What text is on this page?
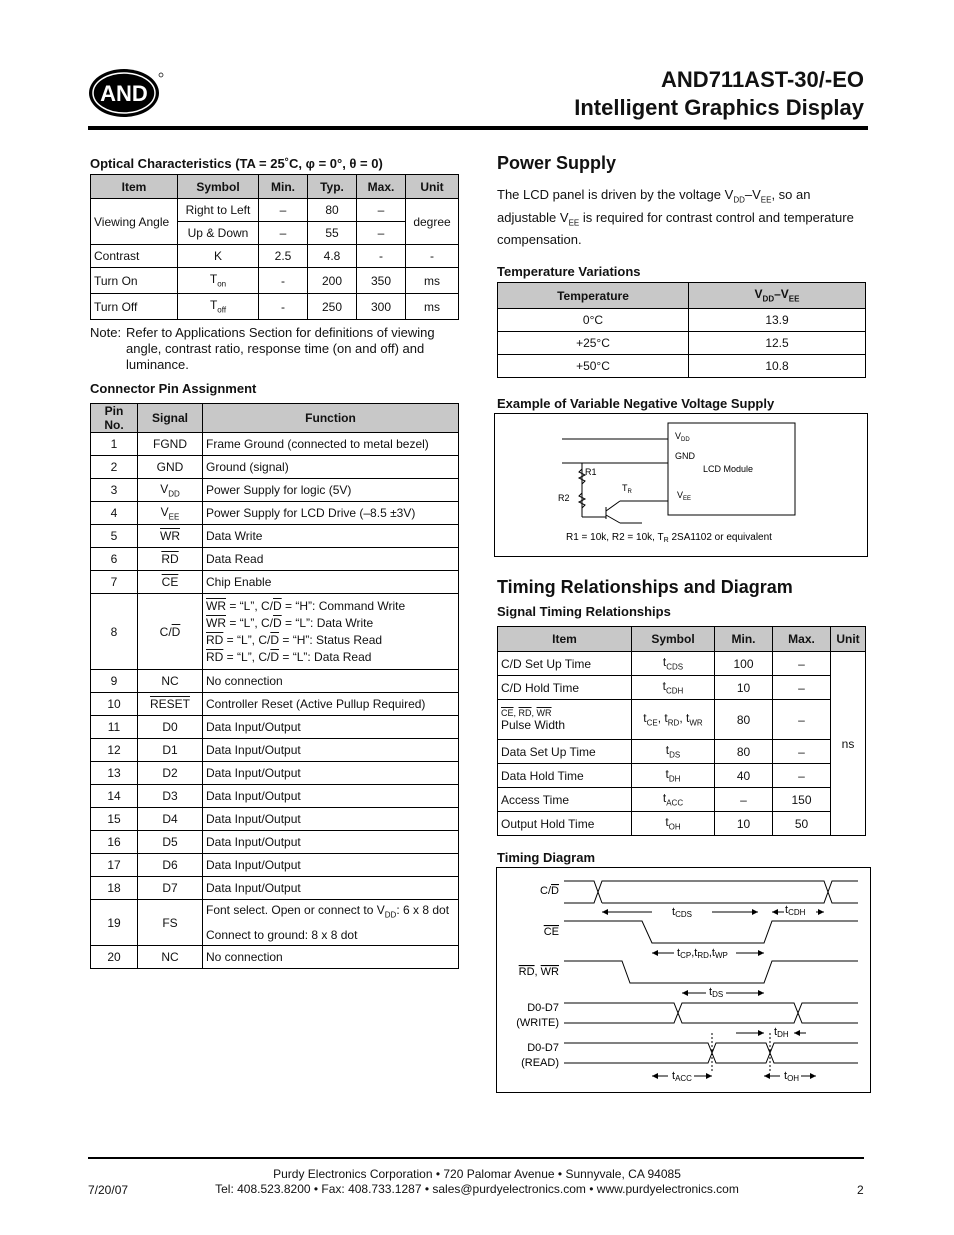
AND
AND711AST-30/-EO
Intelligent Graphics Display
Optical Characteristics (TA = 25˚C, φ = 0°, θ = 0)
Item	Symbol	Min.	Typ.	Max.	Unit
Viewing Angle	Right to Left	–	80	–	degree
	Up & Down	–	55	–	
Contrast	K	2.5	4.8	-	-
Turn On	$T_{on}$	-	200	350	ms
Turn Off	$T_{off}$	-	250	300	ms
Note: Refer to Applications Section for definitions of viewing angle, contrast ratio, response time (on and off) and luminance.
Connector Pin Assignment
Pin No.	Signal	Function
1	FGND	Frame Ground (connected to metal bezel)
2	GND	Ground (signal)
3	$V_{DD}$	Power Supply for logic (5V)
4	$V_{EE}$	Power Supply for LCD Drive (–8.5 ±3V)
5	$\overline{WR}$	Data Write
6	$\overline{RD}$	Data Read
7	$\overline{CE}$	Chip Enable
8	$C/\overline{D}$	$\overline{WR}$ = “L”, $C/\overline{D}$ = “H”: Command Write
$\overline{WR}$ = “L”, $C/\overline{D}$ = “L”: Data Write
$\overline{RD}$ = “L”, $C/\overline{D}$ = “H”: Status Read
$\overline{RD}$ = “L”, $C/\overline{D}$ = “L”: Data Read

9	NC	No connection
10	RESET	Controller Reset (Active Pullup Required)
11	D0	Data Input/Output
12	D1	Data Input/Output
13	D2	Data Input/Output
14	D3	Data Input/Output
15	D4	Data Input/Output
16	D5	Data Input/Output
17	D6	Data Input/Output
18	D7	Data Input/Output
19	FS	Font select. Open or connect to $V_{DD}$: 6 x 8 dot
Connect to ground: 8 x 8 dot

20	NC	No connection
Power Supply

The LCD panel is driven by the voltage $V_{DD}-V_{EE}$, so an adjustable $V_{EE}$ is required for contrast control and temperature compensation.

Temperature Variations
Temperature	$V_{DD}-V_{EE}$
0°C	13.9
+25°C	12.5
+50°C	10.8
Example of Variable Negative Voltage Supply
$V_{DD}$
GND
LCD Module
$V_{EE}$
R1
R2
$T_R$
R1 = 10k, R2 = 10k, $T_R$ 2SA1102 or equivalent
Timing Relationships and Diagram
Signal Timing Relationships
Item	Symbol	Min.	Max.	Unit
C/D Set Up Time	$t_{CDS}$	100	–	ns
C/D Hold Time	$t_{CDH}$	10	–	

$\overline{CE}$, $\overline{RD}$, $\overline{WR}$
Pulse Width	$t_{CE}$, $t_{RD}$, $t_{WR}$	80	–	
Data Set Up Time	$t_{DS}$	80	–	
Data Hold Time	$t_{DH}$	40	–	
Access Time	$t_{ACC}$	–	150	
Output Hold Time	$t_{OH}$	10	50	
Timing Diagram
C/D
tCDS	tCDH
CE
tCP,tRD,tWP
RD, WR
tDS
D0-D7
(WRITE)
tDH
D0-D7
(READ)
tACC	tOH
Purdy Electronics Corporation • 720 Palomar Avenue • Sunnyvale, CA 94085
7/20/07	Tel: 408.523.8200 • Fax: 408.733.1287 • sales@purdyelectronics.com • www.purdyelectronics.com	2
